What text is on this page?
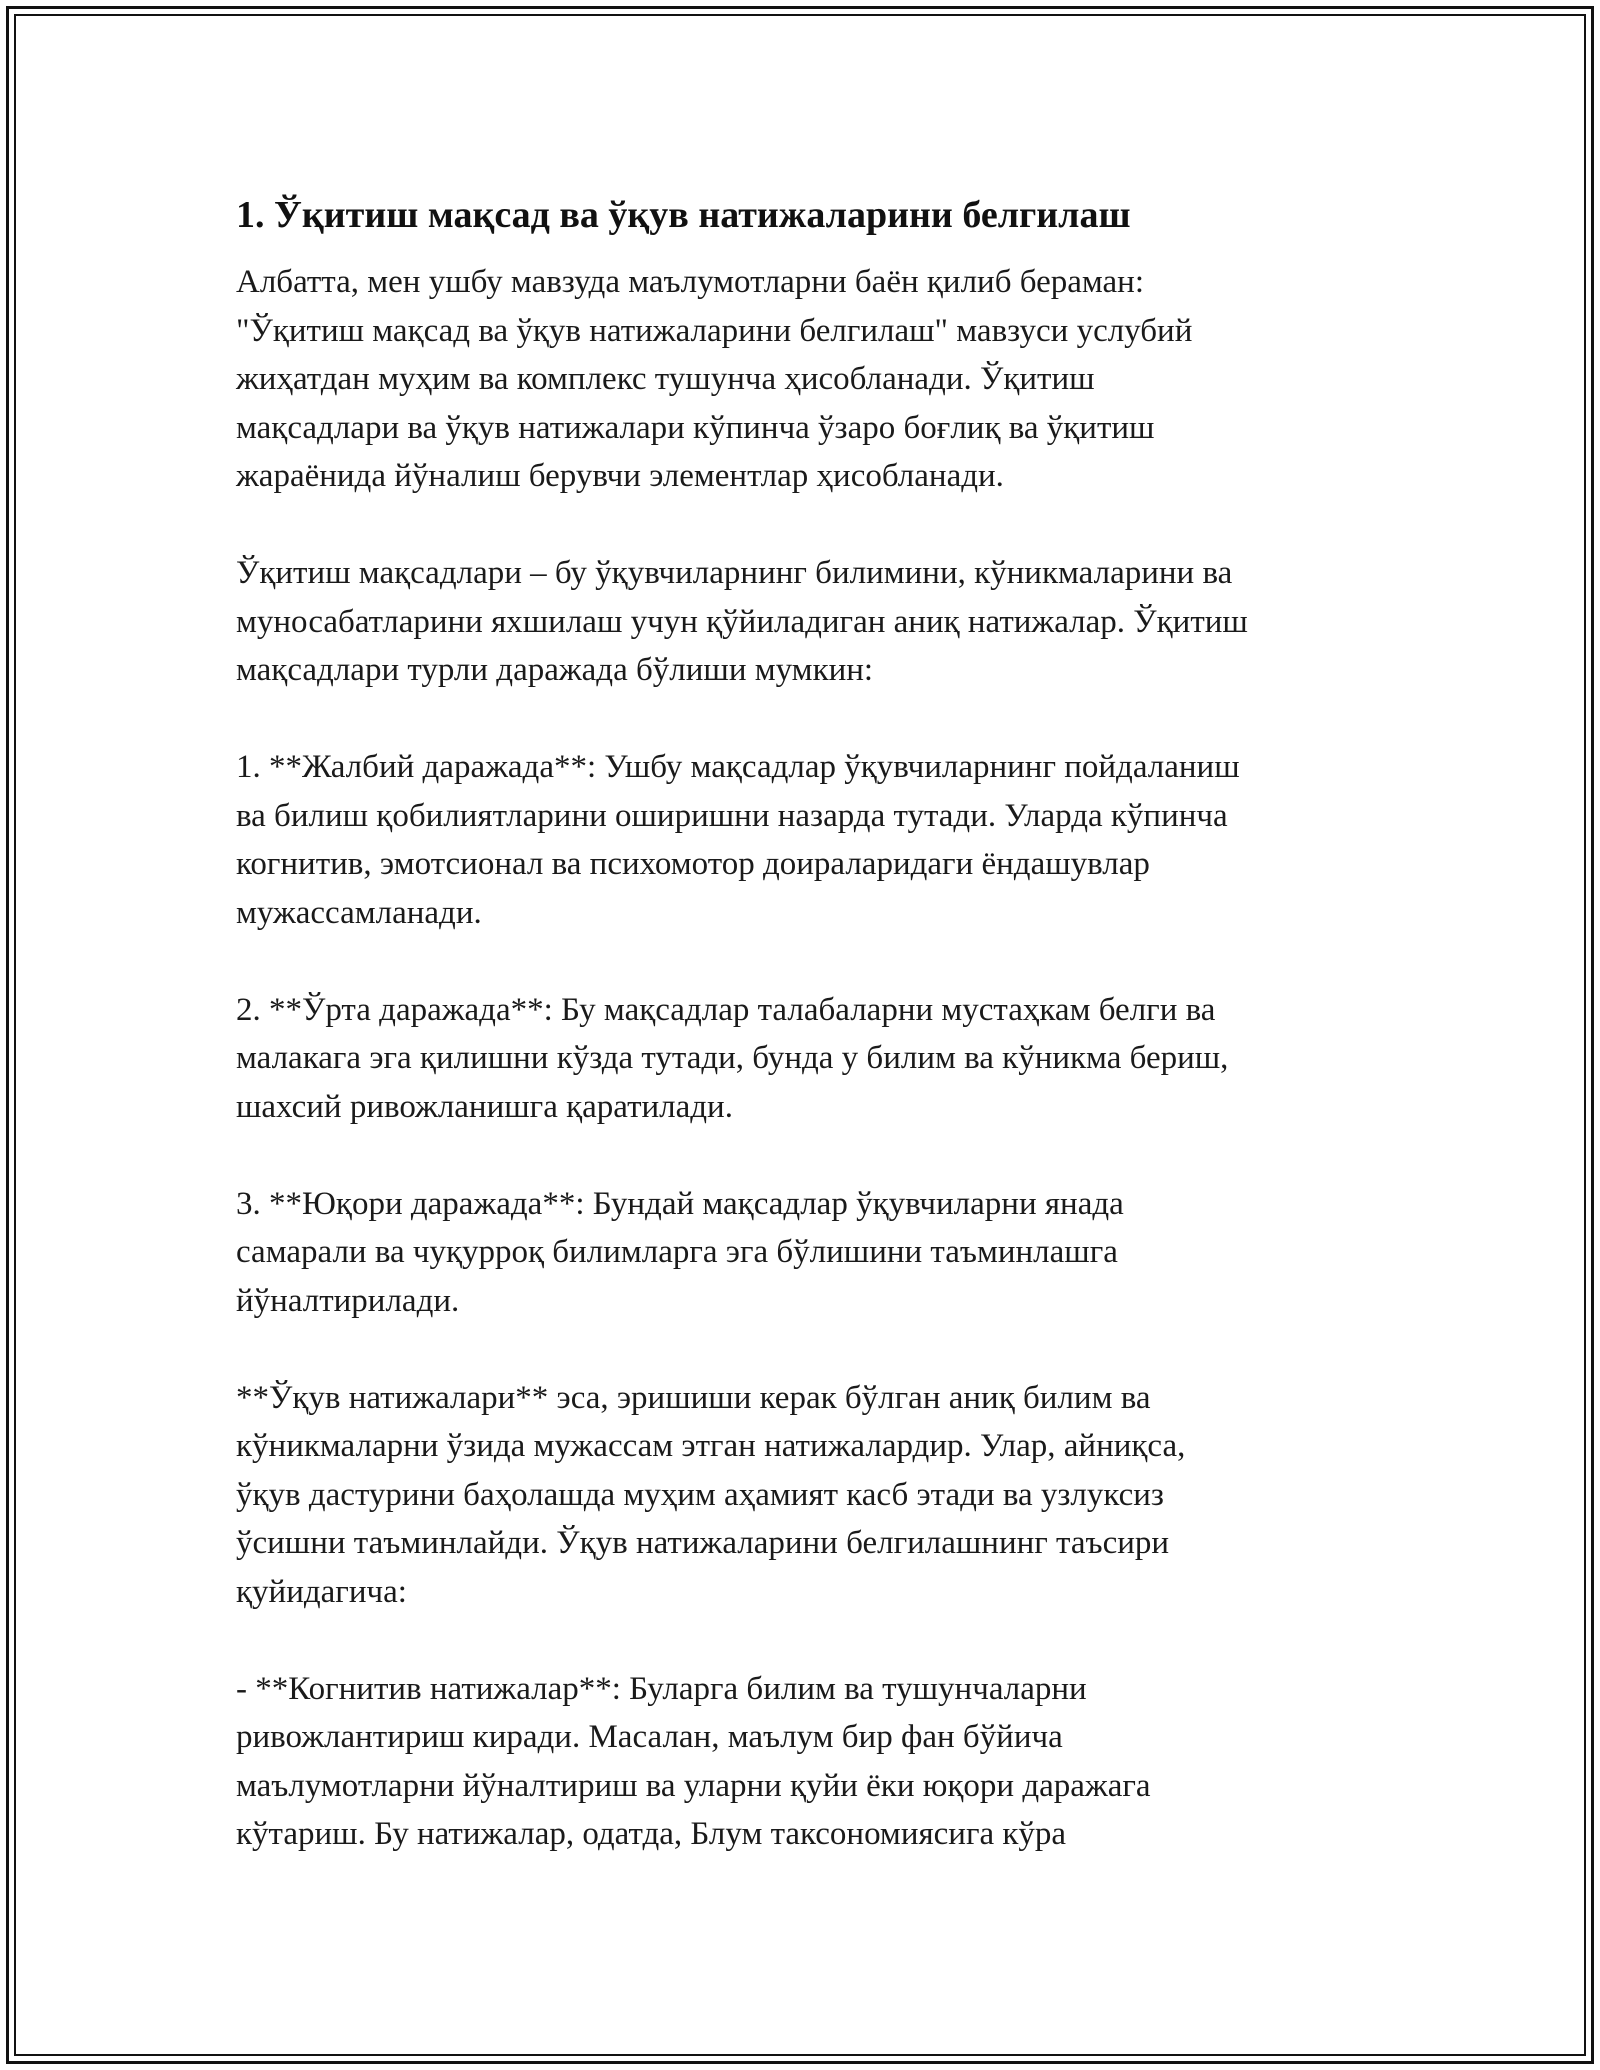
1. Ўқитиш мақсад ва ўқув натижаларини белгилаш

Албатта, мен ушбу мавзуда маълумотларни баён қилиб бераман:
"Ўқитиш мақсад ва ўқув натижаларини белгилаш" мавзуси услубий
жиҳатдан муҳим ва комплекс тушунча ҳисобланади. Ўқитиш
мақсадлари ва ўқув натижалари кўпинча ўзаро боғлиқ ва ўқитиш
жараёнида йўналиш берувчи элементлар ҳисобланади.

Ўқитиш мақсадлари – бу ўқувчиларнинг билимини, кўникмаларини ва
муносабатларини яхшилаш учун қўйиладиган аниқ натижалар. Ўқитиш
мақсадлари турли даражада бўлиши мумкин:

1. **Жалбий даражада**: Ушбу мақсадлар ўқувчиларнинг пойдаланиш
ва билиш қобилиятларини оширишни назарда тутади. Уларда кўпинча
когнитив, эмотсионал ва психомотор доираларидаги ёндашувлар
мужассамланади.

2. **Ўрта даражада**: Бу мақсадлар талабаларни мустаҳкам белги ва
малакага эга қилишни кўзда тутади, бунда у билим ва кўникма бериш,
шахсий ривожланишга қаратилади.

3. **Юқори даражада**: Бундай мақсадлар ўқувчиларни янада
самарали ва чуқурроқ билимларга эга бўлишини таъминлашга
йўналтирилади.

**Ўқув натижалари** эса, эришиши керак бўлган аниқ билим ва
кўникмаларни ўзида мужассам этган натижалардир. Улар, айниқса,
ўқув дастурини баҳолашда муҳим аҳамият касб этади ва узлуксиз
ўсишни таъминлайди. Ўқув натижаларини белгилашнинг таъсири
қуйидагича:

- **Когнитив натижалар**: Буларга билим ва тушунчаларни
ривожлантириш киради. Масалан, маълум бир фан бўйича
маълумотларни йўналтириш ва уларни қуйи ёки юқори даражага
кўтариш. Бу натижалар, одатда, Блум таксономиясига кўра
